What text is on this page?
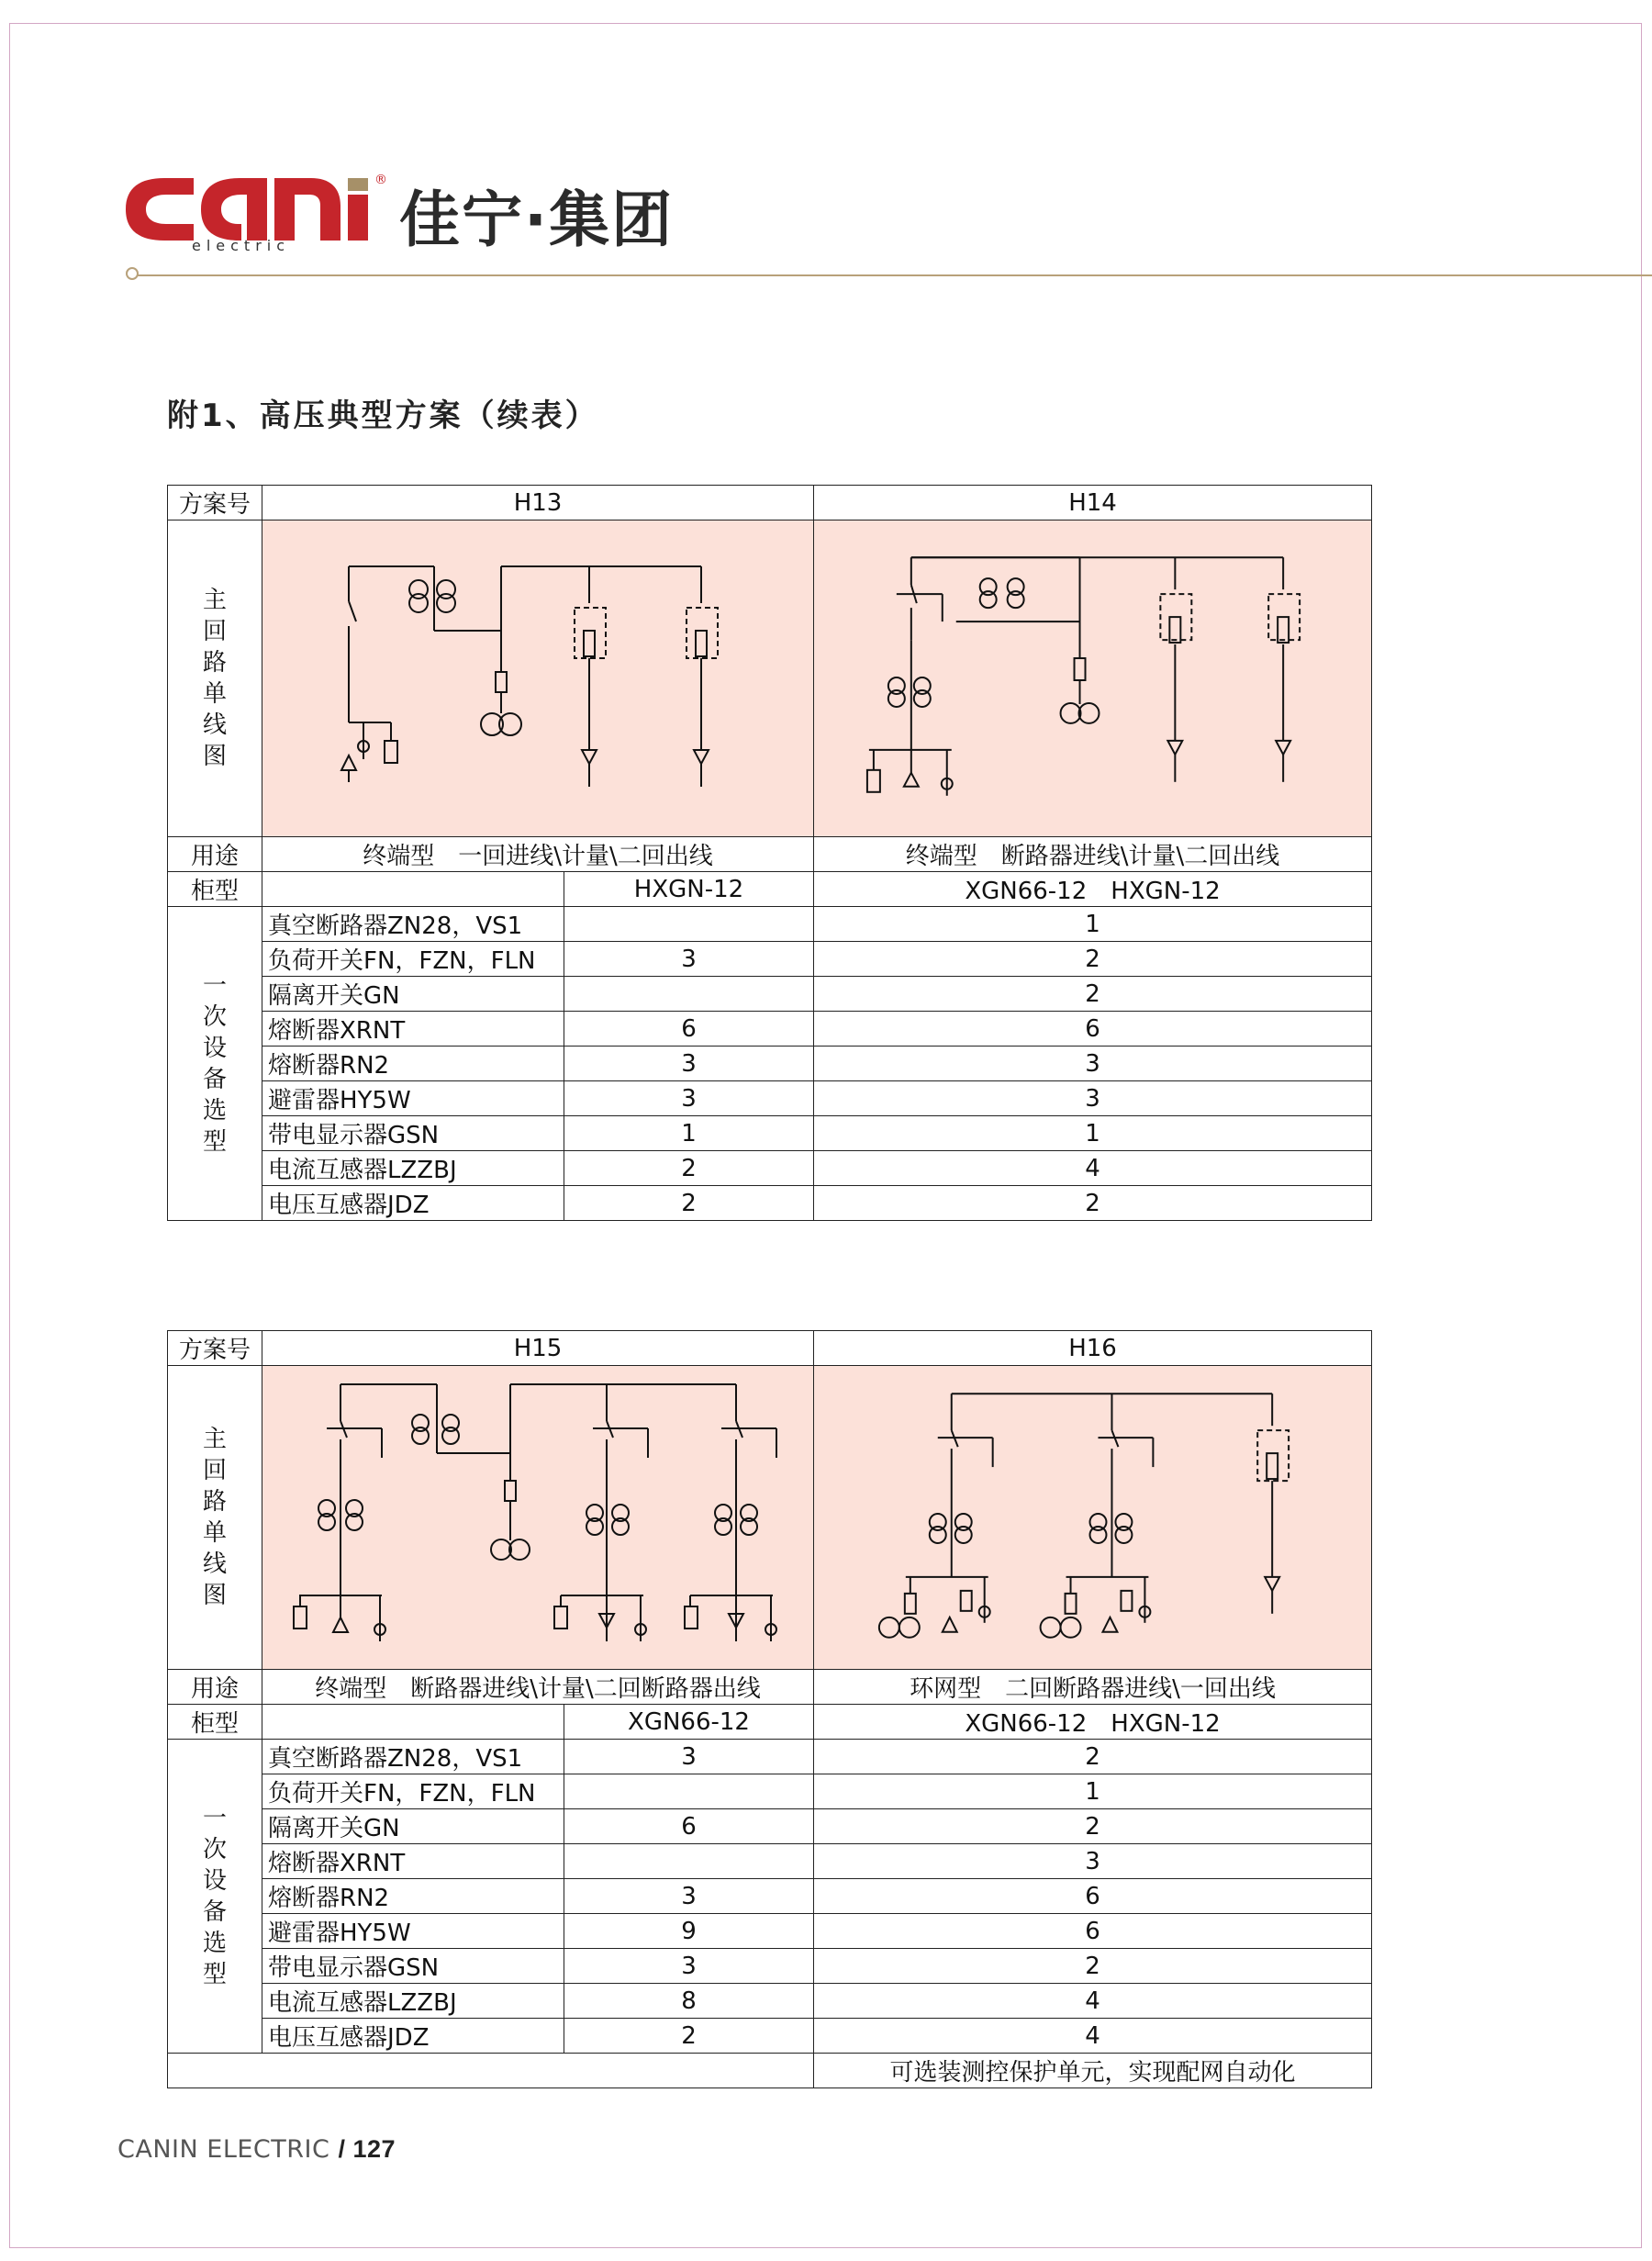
®
electric 佳宁·集团
附1、高压典型方案（续表）
方案号	H13		H14
主回路单线图	

用途	终端型　一回进线\计量\二回出线		终端型　断路器进线\计量\二回出线
柜型		HXGN-12	XGN66-12　HXGN-12
一次设备选型	真空断路器ZN28，VS1		1
	负荷开关FN，FZN，FLN	3	2
	隔离开关GN		2
	熔断器XRNT	6	6
	熔断器RN2	3	3
	避雷器HY5W	3	3
	带电显示器GSN	1	1
	电流互感器LZZBJ	2	4
	电压互感器JDZ	2	2
方案号	H15		H16
主回路单线图	

用途	终端型　断路器进线\计量\二回断路器出线		环网型　二回断路器进线\一回出线
柜型		XGN66-12	XGN66-12　HXGN-12
一次设备选型	真空断路器ZN28，VS1	3	2
	负荷开关FN，FZN，FLN		1
	隔离开关GN	6	2
	熔断器XRNT		3
	熔断器RN2	3	6
	避雷器HY5W	9	6
	带电显示器GSN	3	2
	电流互感器LZZBJ	8	4
	电压互感器JDZ	2	4
			可选装测控保护单元，实现配网自动化
CANIN ELECTRIC / 127
